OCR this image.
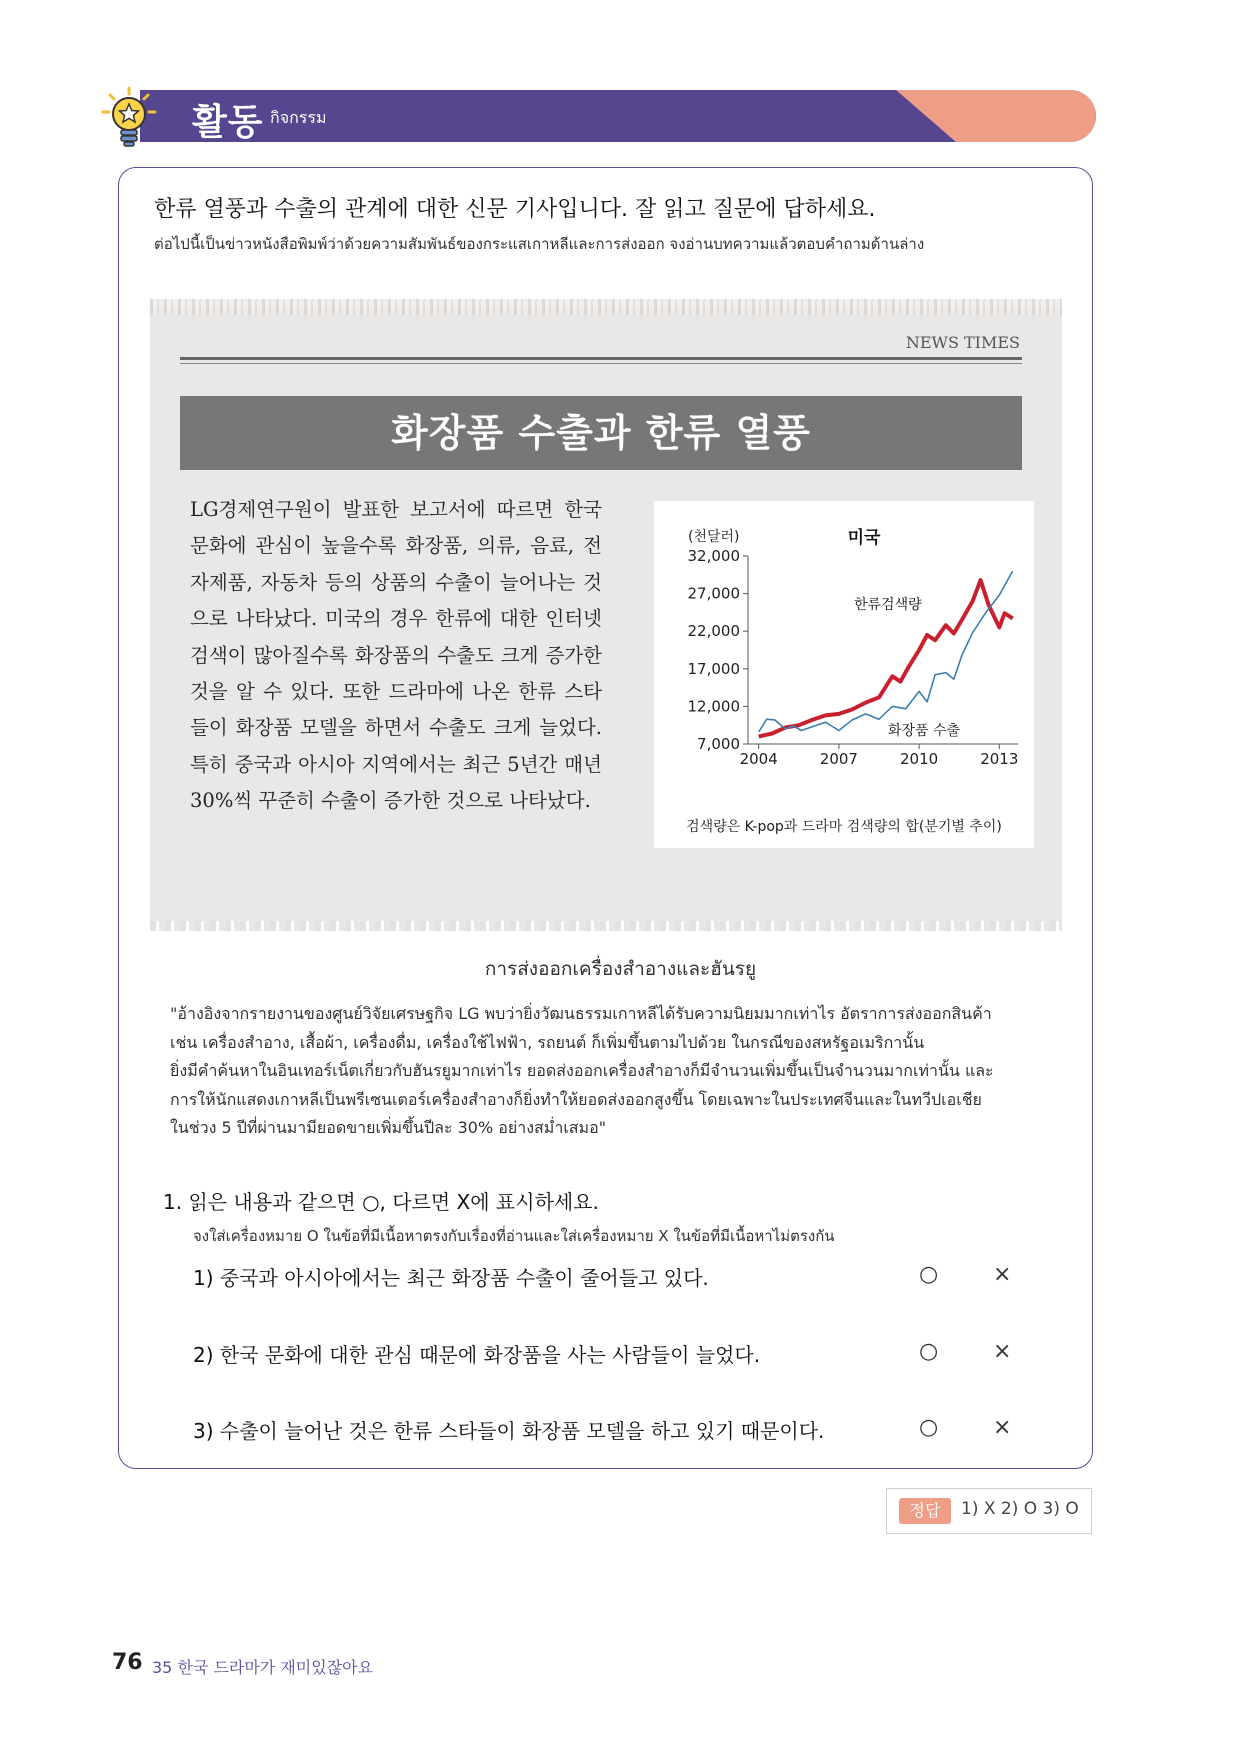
활동 กิจกรรม
한류 열풍과 수출의 관계에 대한 신문 기사입니다. 잘 읽고 질문에 답하세요.
ต่อไปนี้เป็นข่าวหนังสือพิมพ์ว่าด้วยความสัมพันธ์ของกระแสเกาหลีและการส่งออก จงอ่านบทความแล้วตอบคำถามด้านล่าง
NEWS TIMES
화장품 수출과 한류 열풍
LG경제연구원이 발표한 보고서에 따르면 한국 문화에 관심이 높을수록 화장품, 의류, 음료, 전자제품, 자동차 등의 상품의 수출이 늘어나는 것으로 나타났다. 미국의 경우 한류에 대한 인터넷 검색이 많아질수록 화장품의 수출도 크게 증가한 것을 알 수 있다. 또한 드라마에 나온 한류 스타들이 화장품 모델을 하면서 수출도 크게 늘었다. 특히 중국과 아시아 지역에서는 최근 5년간 매년 30%씩 꾸준히 수출이 증가한 것으로 나타났다.
(천달러)	미국
32,000
27,000
22,000
17,000
12,000
7,000
2004	2007	2010	2013
한류검색량
화장품 수출
검색량은 K-pop과 드라마 검색량의 합(분기별 추이)
การส่งออกเครื่องสำอางและฮันรยู
"อ้างอิงจากรายงานของศูนย์วิจัยเศรษฐกิจ LG พบว่ายิ่งวัฒนธรรมเกาหลีได้รับความนิยมมากเท่าไร อัตราการส่งออกสินค้า
เช่น เครื่องสำอาง, เสื้อผ้า, เครื่องดื่ม, เครื่องใช้ไฟฟ้า, รถยนต์ ก็เพิ่มขึ้นตามไปด้วย ในกรณีของสหรัฐอเมริกานั้น
ยิ่งมีคำค้นหาในอินเทอร์เน็ตเกี่ยวกับฮันรยูมากเท่าไร ยอดส่งออกเครื่องสำอางก็มีจำนวนเพิ่มขึ้นเป็นจำนวนมากเท่านั้น และ
การให้นักแสดงเกาหลีเป็นพรีเซนเตอร์เครื่องสำอางก็ยิ่งทำให้ยอดส่งออกสูงขึ้น โดยเฉพาะในประเทศจีนและในทวีปเอเชีย
ในช่วง 5 ปีที่ผ่านมามียอดขายเพิ่มขึ้นปีละ 30% อย่างสม่ำเสมอ"
1. 읽은 내용과 같으면 ○, 다르면 X에 표시하세요.
จงใส่เครื่องหมาย O ในข้อที่มีเนื้อหาตรงกับเรื่องที่อ่านและใส่เครื่องหมาย X ในข้อที่มีเนื้อหาไม่ตรงกัน
1) 중국과 아시아에서는 최근 화장품 수출이 줄어들고 있다.	○ ×
2) 한국 문화에 대한 관심 때문에 화장품을 사는 사람들이 늘었다.	○ ×
3) 수출이 늘어난 것은 한류 스타들이 화장품 모델을 하고 있기 때문이다.	○ ×
정답	1) X 2) O 3) O
76 35 한국 드라마가 재미있잖아요
